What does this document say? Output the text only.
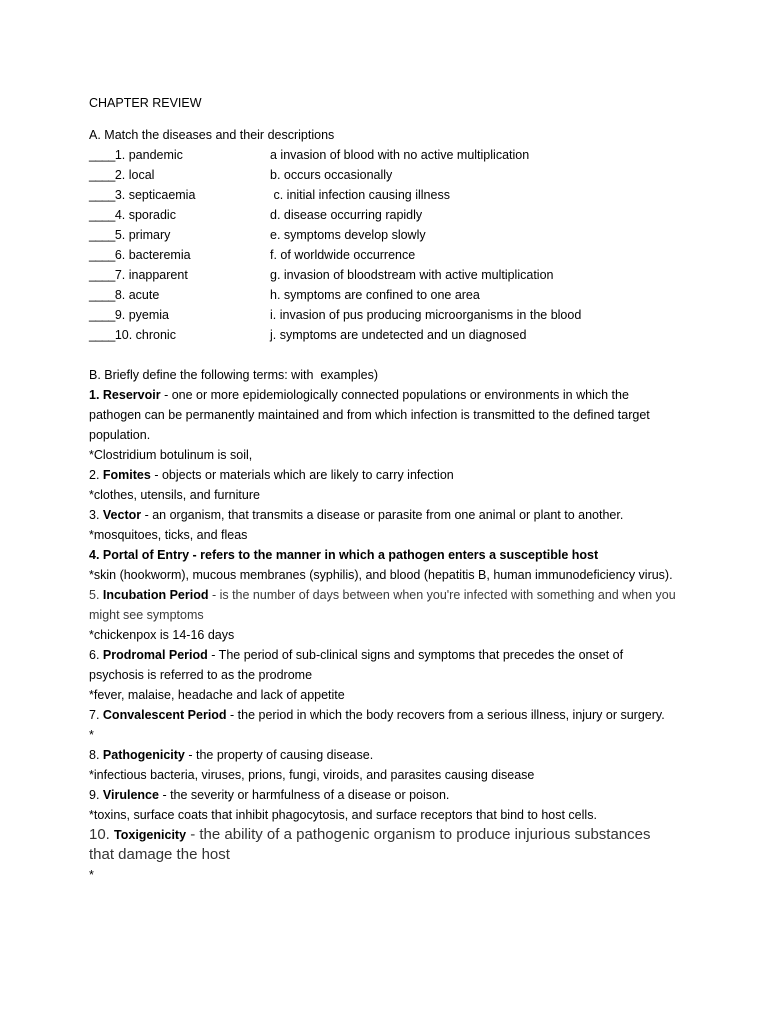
CHAPTER REVIEW
A. Match the diseases and their descriptions
____1. pandemic	a invasion of blood with no active multiplication
____2. local	b. occurs occasionally
____3. septicaemia	c. initial infection causing illness
____4. sporadic	d. disease occurring rapidly
____5. primary	e. symptoms develop slowly
____6. bacteremia	f. of worldwide occurrence
____7. inapparent	g. invasion of bloodstream with active multiplication
____8. acute	h. symptoms are confined to one area
____9. pyemia	i. invasion of pus producing microorganisms in the blood
____10. chronic	j. symptoms are undetected and un diagnosed

B. Briefly define the following terms: with  examples)

1. Reservoir - one or more epidemiologically connected populations or environments in which the pathogen can be permanently maintained and from which infection is transmitted to the defined target population.

*Clostridium botulinum is soil,

2. Fomites - objects or materials which are likely to carry infection

*clothes, utensils, and furniture

3. Vector - an organism, that transmits a disease or parasite from one animal or plant to another.

*mosquitoes, ticks, and fleas

4. Portal of Entry - refers to the manner in which a pathogen enters a susceptible host

*skin (hookworm), mucous membranes (syphilis), and blood (hepatitis B, human immunodeficiency virus).

5. Incubation Period - is the number of days between when you're infected with something and when you might see symptoms

*chickenpox is 14-16 days

6. Prodromal Period - The period of sub-clinical signs and symptoms that precedes the onset of psychosis is referred to as the prodrome

*fever, malaise, headache and lack of appetite

7. Convalescent Period - the period in which the body recovers from a serious illness, injury or surgery.

*

8. Pathogenicity - the property of causing disease.

*infectious bacteria, viruses, prions, fungi, viroids, and parasites causing disease

9. Virulence - the severity or harmfulness of a disease or poison.

*toxins, surface coats that inhibit phagocytosis, and surface receptors that bind to host cells.

10. Toxigenicity - the ability of a pathogenic organism to produce injurious substances that damage the host

*
